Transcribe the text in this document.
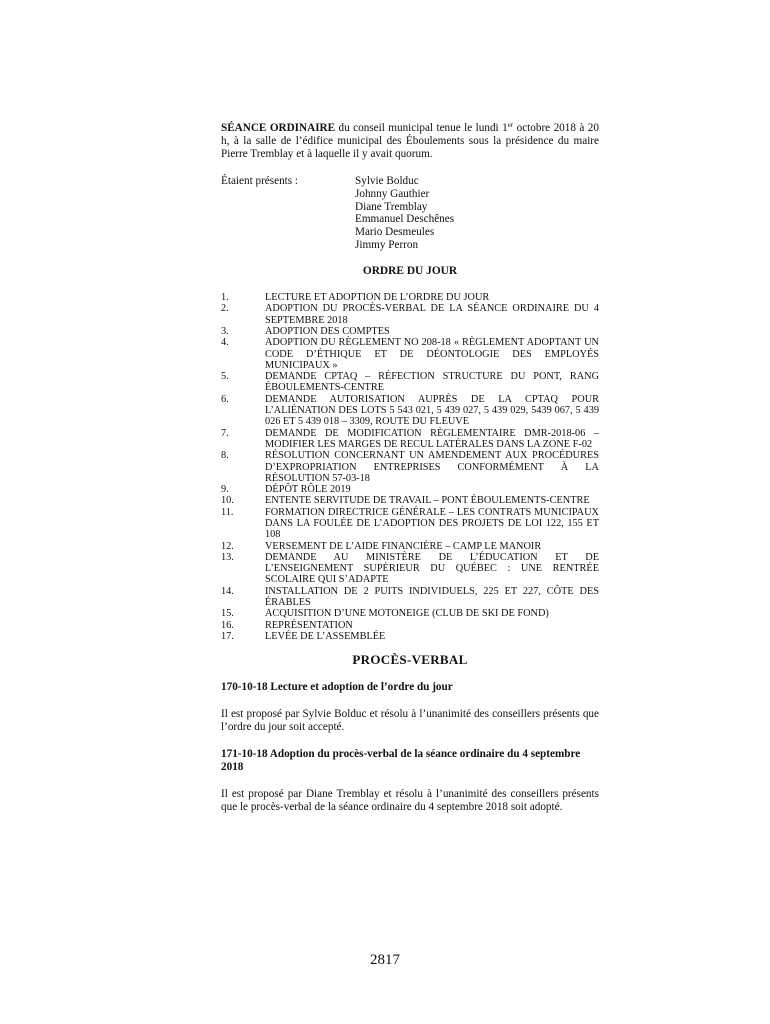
SÉANCE ORDINAIRE du conseil municipal tenue le lundi 1er octobre 2018 à 20 h, à la salle de l’édifice municipal des Éboulements sous la présidence du maire Pierre Tremblay et à laquelle il y avait quorum.

Étaient présents :	Sylvie Bolduc
Johnny Gauthier
Diane Tremblay
Emmanuel Deschênes
Mario Desmeules
Jimmy Perron
ORDRE DU JOUR
1.	LECTURE ET ADOPTION DE L’ORDRE DU JOUR
2.	ADOPTION DU PROCÈS-VERBAL DE LA SÉANCE ORDINAIRE DU 4 SEPTEMBRE 2018
3.	ADOPTION DES COMPTES
4.	ADOPTION DU RÈGLEMENT NO 208-18 « RÈGLEMENT ADOPTANT UN CODE D’ÉTHIQUE ET DE DÉONTOLOGIE DES EMPLOYÉS MUNICIPAUX »
5.	DEMANDE CPTAQ – RÉFECTION STRUCTURE DU PONT, RANG ÉBOULEMENTS-CENTRE
6.	DEMANDE AUTORISATION AUPRÈS DE LA CPTAQ POUR L’ALIÉNATION DES LOTS 5 543 021, 5 439 027, 5 439 029, 5439 067, 5 439 026 ET 5 439 018 – 3309, ROUTE DU FLEUVE
7.	DEMANDE DE MODIFICATION RÈGLEMENTAIRE DMR-2018-06 – MODIFIER LES MARGES DE RECUL LATÉRALES DANS LA ZONE F-02
8.	RÉSOLUTION CONCERNANT UN AMENDEMENT AUX PROCÉDURES D’EXPROPRIATION ENTREPRISES CONFORMÉMENT À LA RÉSOLUTION 57-03-18
9.	DÉPÔT RÔLE 2019
10.	ENTENTE SERVITUDE DE TRAVAIL – PONT ÉBOULEMENTS-CENTRE
11.	FORMATION DIRECTRICE GÉNÉRALE – LES CONTRATS MUNICIPAUX DANS LA FOULÉE DE L’ADOPTION DES PROJETS DE LOI 122, 155 ET 108
12.	VERSEMENT DE L’AIDE FINANCIÈRE – CAMP LE MANOIR
13.	DEMANDE AU MINISTÈRE DE L’ÉDUCATION ET DE L’ENSEIGNEMENT SUPÉRIEUR DU QUÉBEC : UNE RENTRÉE SCOLAIRE QUI S’ADAPTE
14.	INSTALLATION DE 2 PUITS INDIVIDUELS, 225 ET 227, CÔTE DES ÉRABLES
15.	ACQUISITION D’UNE MOTONEIGE (CLUB DE SKI DE FOND)
16.	REPRÉSENTATION
17.	LEVÉE DE L’ASSEMBLÉE
PROCÈS-VERBAL
170-10-18 Lecture et adoption de l’ordre du jour

Il est proposé par Sylvie Bolduc et résolu à l’unanimité des conseillers présents que l’ordre du jour soit accepté.

171-10-18 Adoption du procès-verbal de la séance ordinaire du 4 septembre 2018

Il est proposé par Diane Tremblay et résolu à l’unanimité des conseillers présents que le procès-verbal de la séance ordinaire du 4 septembre 2018 soit adopté.

2817
